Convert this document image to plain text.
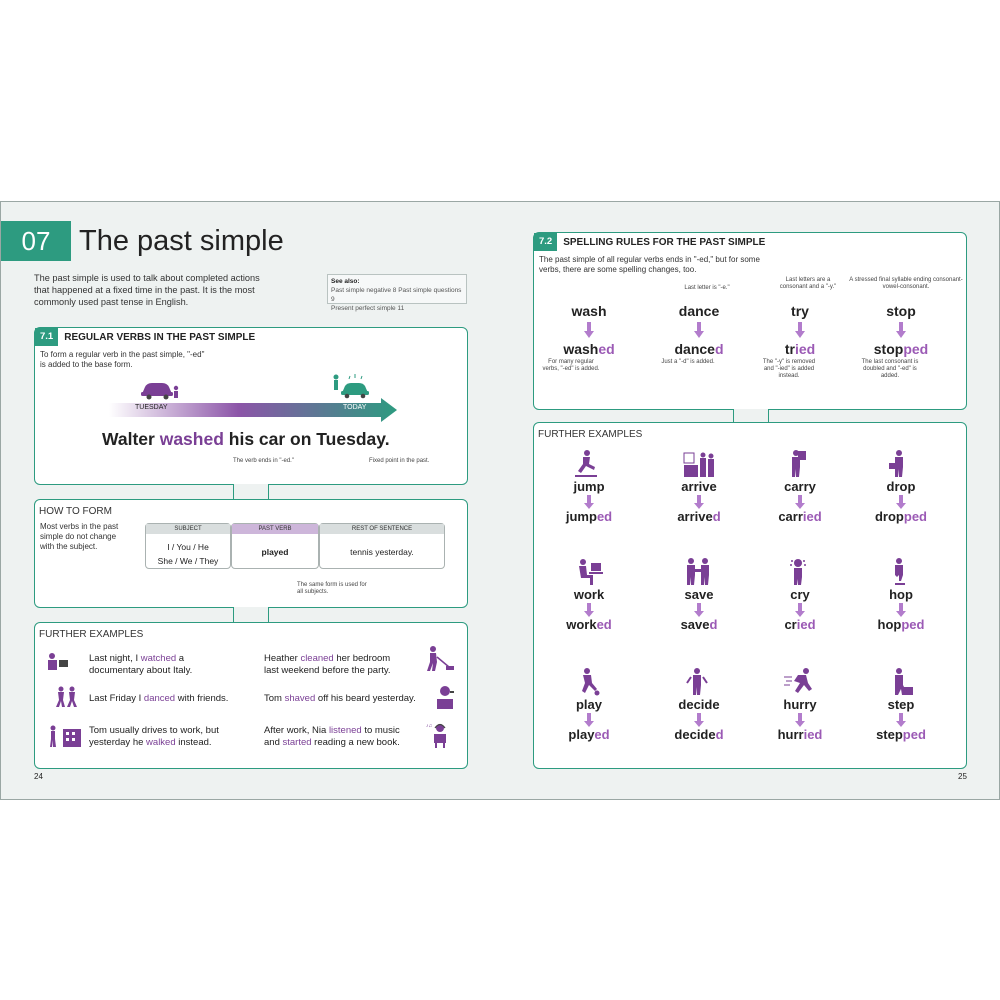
07 The past simple
The past simple is used to talk about completed actions that happened at a fixed time in the past. It is the most commonly used past tense in English.
See also:
Past simple negative 8 Past simple questions 9
Present perfect simple 11
7.1	REGULAR VERBS IN THE PAST SIMPLE
To form a regular verb in the past simple, "-ed" is added to the base form.
TUESDAY	TODAY
Walter washed his car on Tuesday.
The verb ends in "-ed."	Fixed point in the past.
HOW TO FORM
Most verbs in the past simple do not change with the subject.
SUBJECT
I / You / He
She / We / They
PAST VERB
played
REST OF SENTENCE
tennis yesterday.
The same form is used for all subjects.
FURTHER EXAMPLES
Last night, I watched a
documentary about Italy.
Last Friday I danced with friends.
Tom usually drives to work, but
yesterday he walked instead.
Heather cleaned her bedroom
last weekend before the party.
Tom shaved off his beard yesterday.
After work, Nia listened to music
and started reading a new book.
♪♫
24
7.2	SPELLING RULES FOR THE PAST SIMPLE
The past simple of all regular verbs ends in "-ed," but for some verbs, there are some spelling changes, too.
wash
washed
For many regular verbs, "-ed" is added.
Last letter is "-e."
dance
danced
Just a "-d" is added.
Last letters are a consonant and a "-y."
try
tried
The "-y" is removed and "-ied" is added instead.
A stressed final syllable ending consonant-vowel-consonant.
stop
stopped
The last consonant is doubled and "-ed" is added.
FURTHER EXAMPLES
jump
jumped
arrive
arrived
carry
carried
drop
dropped
work
worked
save
saved
cry
cried
hop
hopped
play
played
decide
decided
hurry
hurried
step
stepped
25
